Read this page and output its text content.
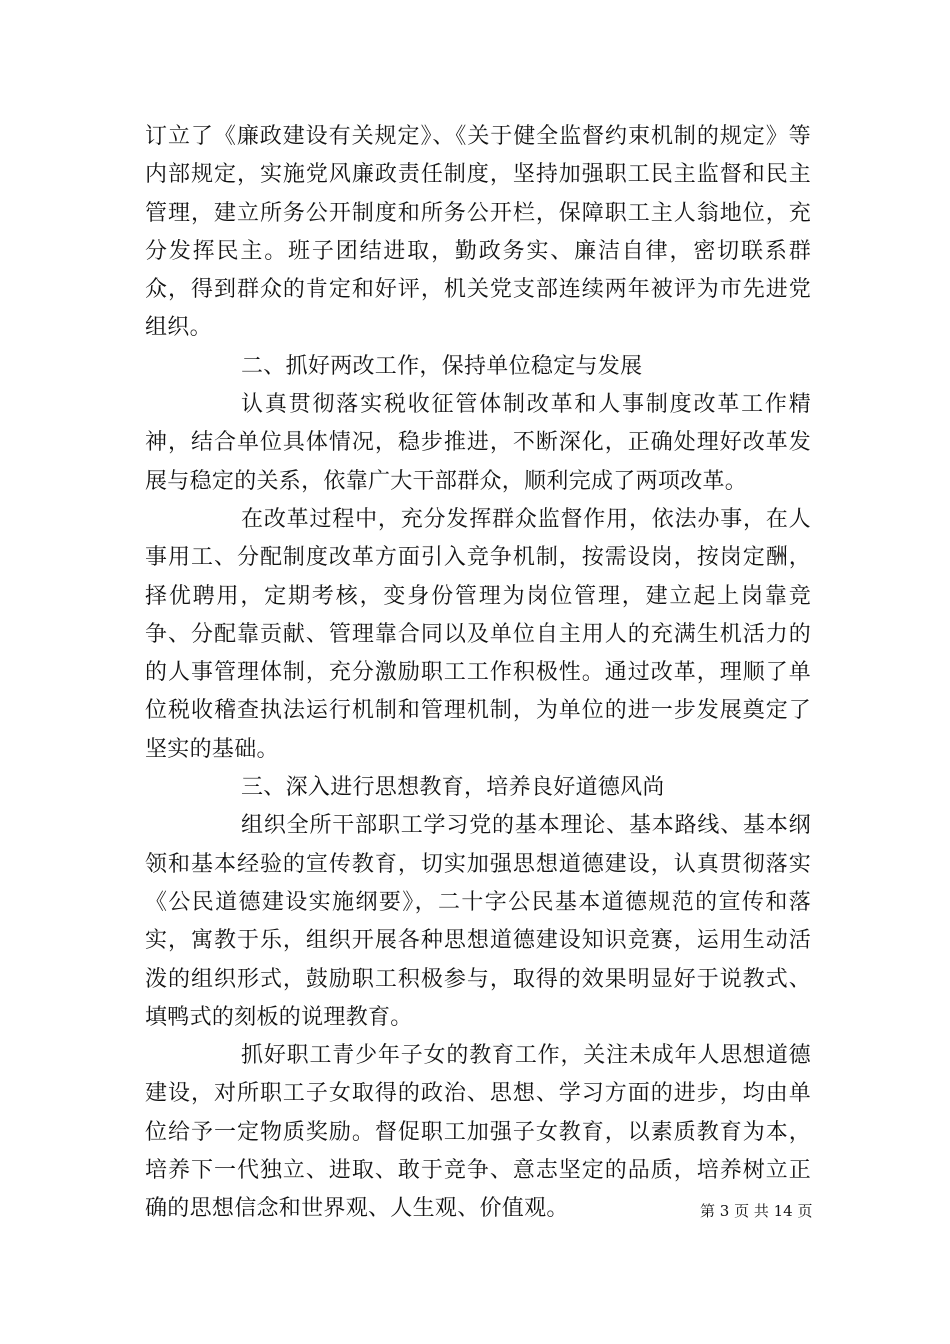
订立了《廉政建设有关规定》、《关于健全监督约束机制的规定》等内部规定，实施党风廉政责任制度，坚持加强职工民主监督和民主管理，建立所务公开制度和所务公开栏，保障职工主人翁地位，充分发挥民主。班子团结进取，勤政务实、廉洁自律，密切联系群众，得到群众的肯定和好评，机关党支部连续两年被评为市先进党组织。

二、抓好两改工作，保持单位稳定与发展

认真贯彻落实税收征管体制改革和人事制度改革工作精神，结合单位具体情况，稳步推进，不断深化，正确处理好改革发展与稳定的关系，依靠广大干部群众，顺利完成了两项改革。

在改革过程中，充分发挥群众监督作用，依法办事，在人事用工、分配制度改革方面引入竞争机制，按需设岗，按岗定酬，择优聘用，定期考核，变身份管理为岗位管理，建立起上岗靠竞争、分配靠贡献、管理靠合同以及单位自主用人的充满生机活力的的人事管理体制，充分激励职工工作积极性。通过改革，理顺了单位税收稽查执法运行机制和管理机制，为单位的进一步发展奠定了坚实的基础。

三、深入进行思想教育，培养良好道德风尚

组织全所干部职工学习党的基本理论、基本路线、基本纲领和基本经验的宣传教育，切实加强思想道德建设，认真贯彻落实《公民道德建设实施纲要》，二十字公民基本道德规范的宣传和落实，寓教于乐，组织开展各种思想道德建设知识竞赛，运用生动活泼的组织形式，鼓励职工积极参与，取得的效果明显好于说教式、填鸭式的刻板的说理教育。

抓好职工青少年子女的教育工作，关注未成年人思想道德建设，对所职工子女取得的政治、思想、学习方面的进步，均由单位给予一定物质奖励。督促职工加强子女教育，以素质教育为本，培养下一代独立、进取、敢于竞争、意志坚定的品质，培养树立正确的思想信念和世界观、人生观、价值观。	第 3 页 共 14 页
